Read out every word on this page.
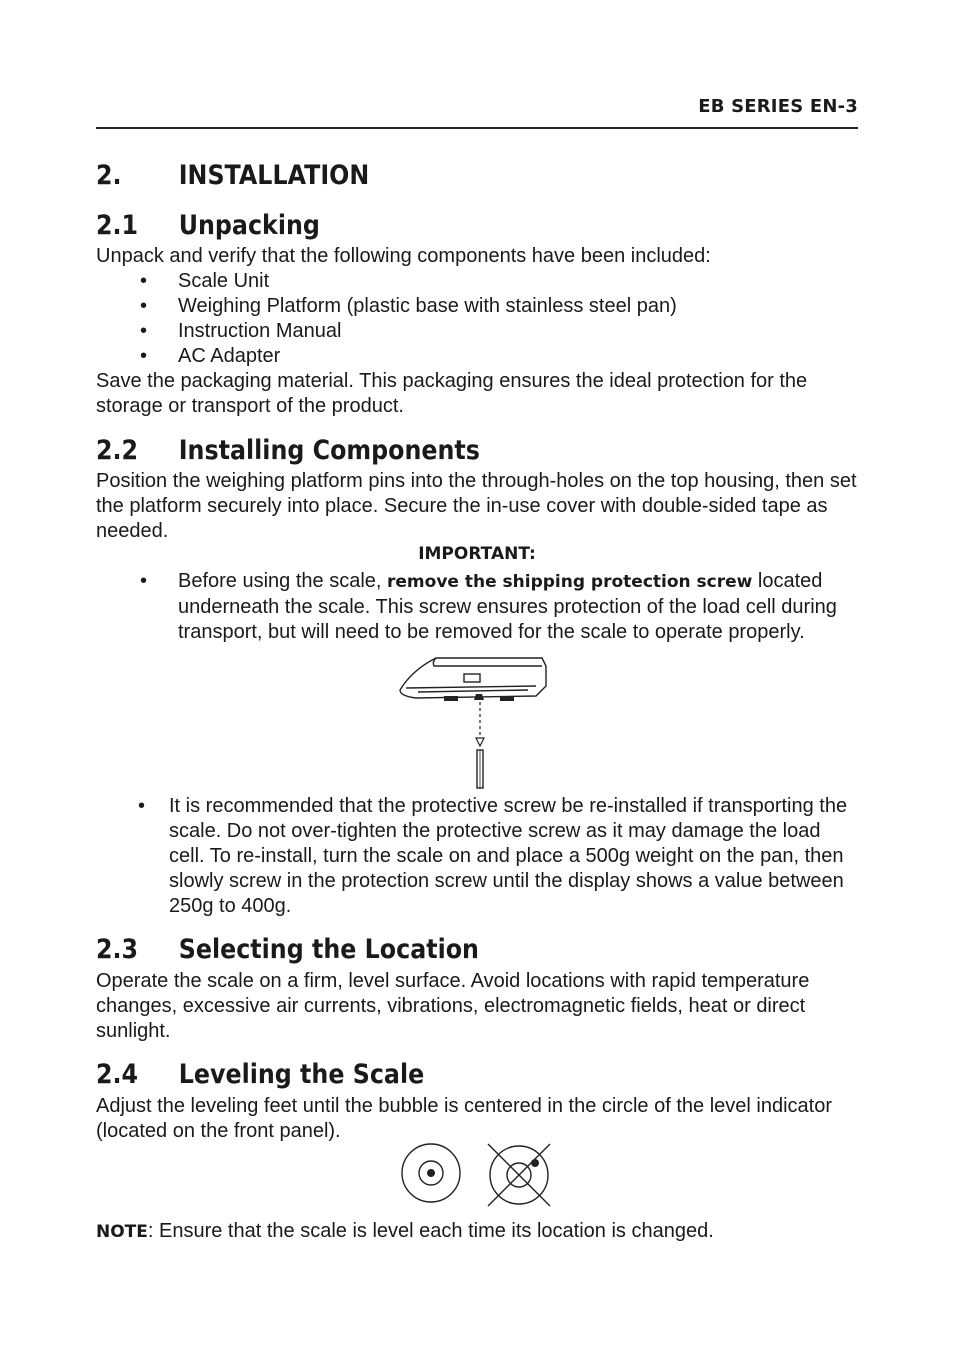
EB SERIES EN-3
2.	INSTALLATION
2.1	Unpacking

Unpack and verify that the following components have been included:

• Scale Unit
• Weighing Platform (plastic base with stainless steel pan)
• Instruction Manual
• AC Adapter

Save the packaging material. This packaging ensures the ideal protection for the storage or transport of the product.

2.2	Installing Components

Position the weighing platform pins into the through-holes on the top housing, then set the platform securely into place. Secure the in-use cover with double-sided tape as needed.

IMPORTANT:
• Before using the scale, remove the shipping protection screw located underneath the scale. This screw ensures protection of the load cell during transport, but will need to be removed for the scale to operate properly.
• It is recommended that the protective screw be re-installed if transporting the scale. Do not over-tighten the protective screw as it may damage the load cell. To re-install, turn the scale on and place a 500g weight on the pan, then slowly screw in the protection screw until the display shows a value between 250g to 400g.
2.3	Selecting the Location

Operate the scale on a firm, level surface. Avoid locations with rapid temperature changes, excessive air currents, vibrations, electromagnetic fields, heat or direct sunlight.

2.4	Leveling the Scale

Adjust the leveling feet until the bubble is centered in the circle of the level indicator (located on the front panel).

NOTE: Ensure that the scale is level each time its location is changed.
